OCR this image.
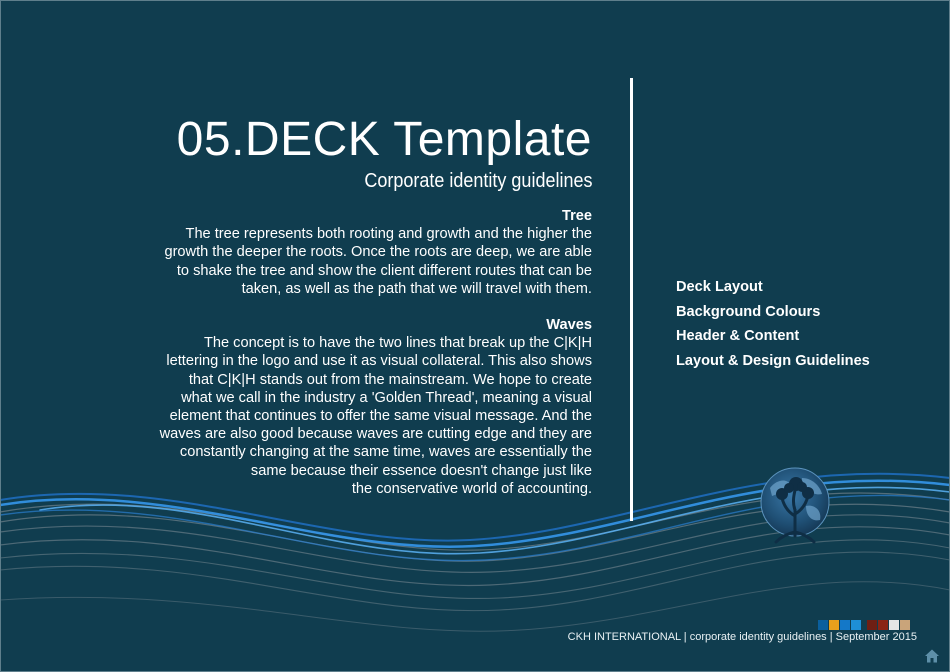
05.DECK Template
Corporate identity guidelines
Tree
The tree represents both rooting and growth and the higher the
growth the deeper the roots. Once the roots are deep, we are able
to shake the tree and show the client different routes that can be
taken, as well as the path that we will travel with them.
Waves
The concept is to have the two lines that break up the C|K|H
lettering in the logo and use it as visual collateral. This also shows
that C|K|H stands out from the mainstream. We hope to create
what we call in the industry a 'Golden Thread', meaning a visual
element that continues to offer the same visual message. And the
waves are also good because waves are cutting edge and they are
constantly changing at the same time, waves are essentially the
same because their essence doesn't change just like
the conservative world of accounting.
Deck Layout
Background Colours
Header & Content
Layout & Design Guidelines
CKH INTERNATIONAL | corporate identity guidelines | September 2015
